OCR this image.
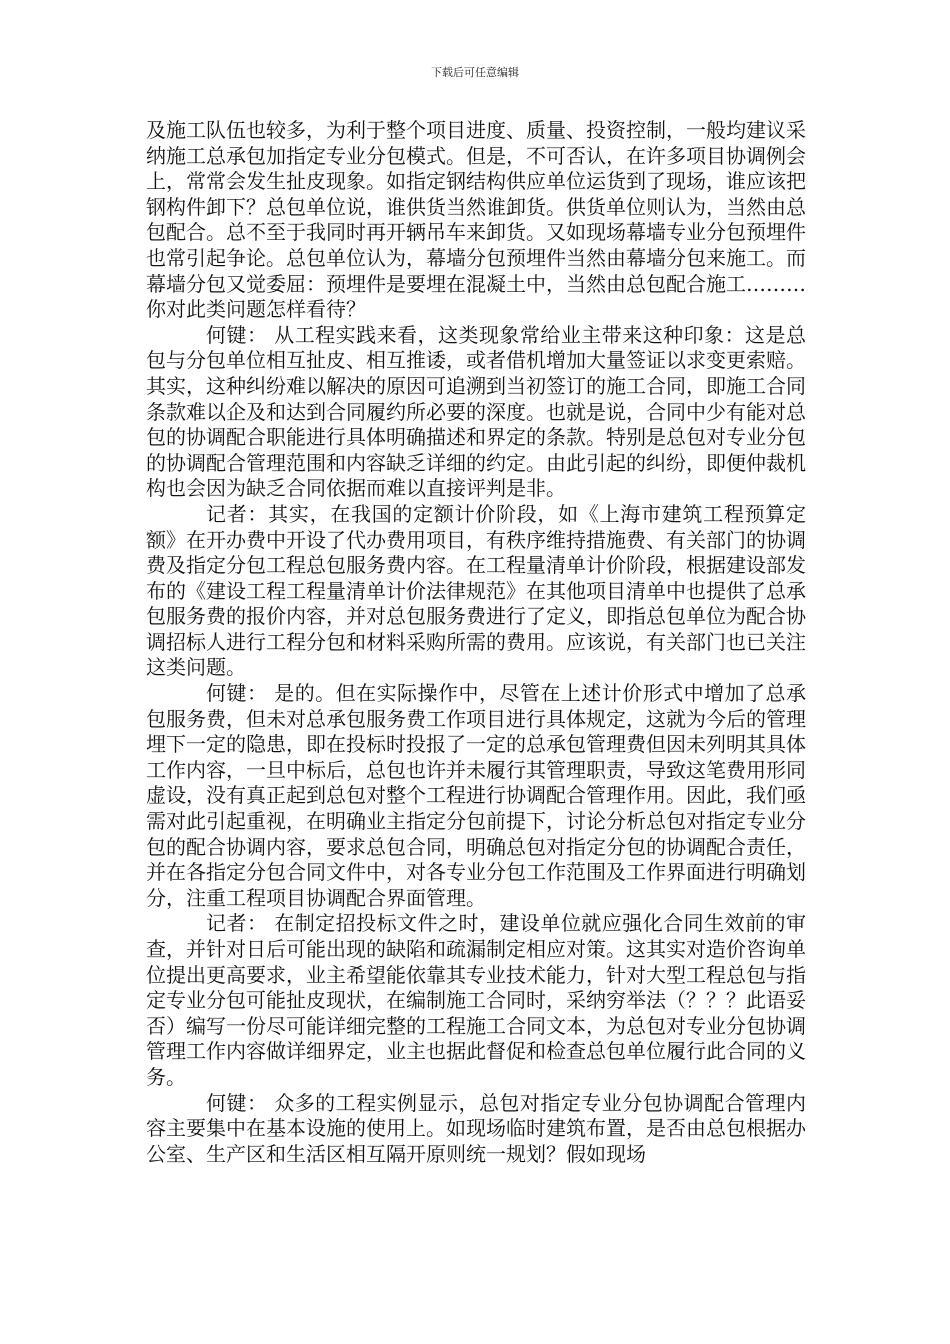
下载后可任意编辑

及施工队伍也较多，为利于整个项目进度、质量、投资控制，一般均建议采纳施工总承包加指定专业分包模式。但是，不可否认，在许多项目协调例会上，常常会发生扯皮现象。如指定钢结构供应单位运货到了现场，谁应该把钢构件卸下？总包单位说，谁供货当然谁卸货。供货单位则认为，当然由总包配合。总不至于我同时再开辆吊车来卸货。又如现场幕墙专业分包预埋件也常引起争论。总包单位认为，幕墙分包预埋件当然由幕墙分包来施工。而幕墙分包又觉委屈：预埋件是要埋在混凝土中，当然由总包配合施工………你对此类问题怎样看待？

何键： 从工程实践来看，这类现象常给业主带来这种印象：这是总包与分包单位相互扯皮、相互推诿，或者借机增加大量签证以求变更索赔。其实，这种纠纷难以解决的原因可追溯到当初签订的施工合同，即施工合同条款难以企及和达到合同履约所必要的深度。也就是说，合同中少有能对总包的协调配合职能进行具体明确描述和界定的条款。特别是总包对专业分包的协调配合管理范围和内容缺乏详细的约定。由此引起的纠纷，即便仲裁机构也会因为缺乏合同依据而难以直接评判是非。

记者：其实，在我国的定额计价阶段，如《上海市建筑工程预算定额》在开办费中开设了代办费用项目，有秩序维持措施费、有关部门的协调费及指定分包工程总包服务费内容。在工程量清单计价阶段，根据建设部发布的《建设工程工程量清单计价法律规范》在其他项目清单中也提供了总承包服务费的报价内容，并对总包服务费进行了定义，即指总包单位为配合协调招标人进行工程分包和材料采购所需的费用。应该说，有关部门也已关注这类问题。

何键： 是的。但在实际操作中，尽管在上述计价形式中增加了总承包服务费，但未对总承包服务费工作项目进行具体规定，这就为今后的管理埋下一定的隐患，即在投标时投报了一定的总承包管理费但因未列明其具体工作内容，一旦中标后，总包也许并未履行其管理职责，导致这笔费用形同虚设，没有真正起到总包对整个工程进行协调配合管理作用。因此，我们亟需对此引起重视，在明确业主指定分包前提下，讨论分析总包对指定专业分包的配合协调内容，要求总包合同，明确总包对指定分包的协调配合责任，并在各指定分包合同文件中，对各专业分包工作范围及工作界面进行明确划分，注重工程项目协调配合界面管理。

记者： 在制定招投标文件之时，建设单位就应强化合同生效前的审查，并针对日后可能出现的缺陷和疏漏制定相应对策。这其实对造价咨询单位提出更高要求，业主希望能依靠其专业技术能力，针对大型工程总包与指定专业分包可能扯皮现状，在编制施工合同时，采纳穷举法（？？？此语妥否）编写一份尽可能详细完整的工程施工合同文本，为总包对专业分包协调管理工作内容做详细界定，业主也据此督促和检查总包单位履行此合同的义务。

何键： 众多的工程实例显示，总包对指定专业分包协调配合管理内容主要集中在基本设施的使用上。如现场临时建筑布置，是否由总包根据办公室、生产区和生活区相互隔开原则统一规划？假如现场
